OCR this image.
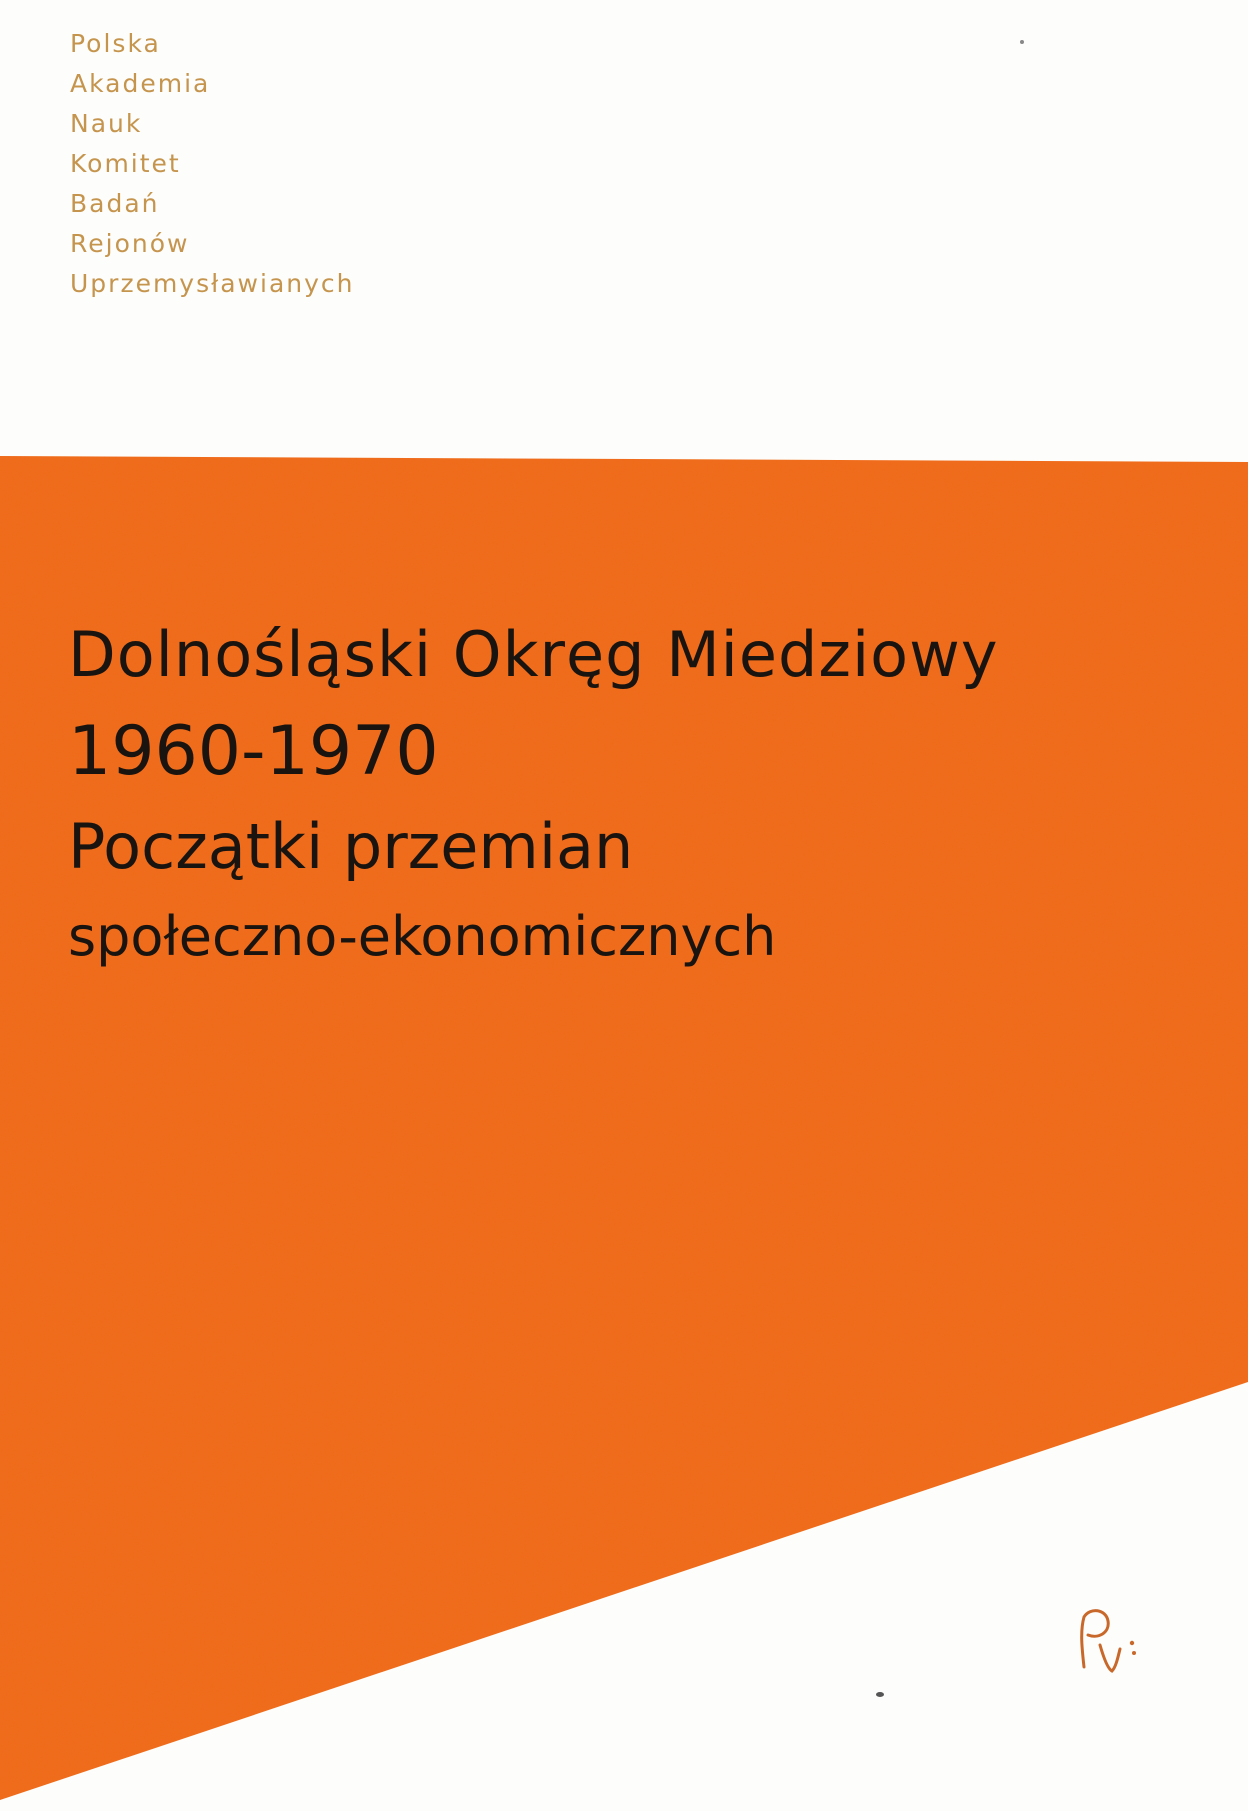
Polska
Akademia
Nauk
Komitet
Badań
Rejonów
Uprzemysławianych
Dolnośląski Okręg Miedziowy
1960-1970
Początki przemian
społeczno-ekonomicznych
